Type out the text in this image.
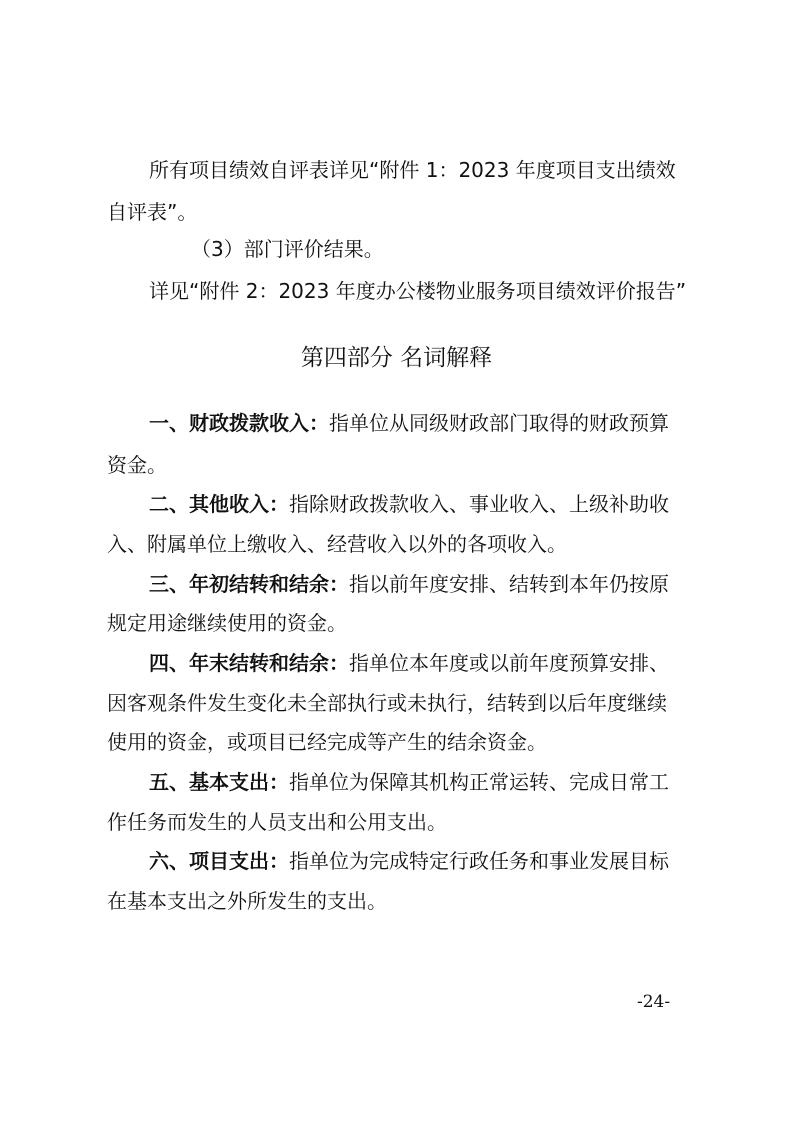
所有项目绩效自评表详见“附件 1：2023 年度项目支出绩效
自评表”。
（3）部门评价结果。
详见“附件 2：2023 年度办公楼物业服务项目绩效评价报告”
第四部分 名词解释
一、财政拨款收入：指单位从同级财政部门取得的财政预算
资金。
二、其他收入：指除财政拨款收入、事业收入、上级补助收
入、附属单位上缴收入、经营收入以外的各项收入。
三、年初结转和结余：指以前年度安排、结转到本年仍按原
规定用途继续使用的资金。
四、年末结转和结余：指单位本年度或以前年度预算安排、
因客观条件发生变化未全部执行或未执行，结转到以后年度继续
使用的资金，或项目已经完成等产生的结余资金。
五、基本支出：指单位为保障其机构正常运转、完成日常工
作任务而发生的人员支出和公用支出。
六、项目支出：指单位为完成特定行政任务和事业发展目标
在基本支出之外所发生的支出。
-24-
